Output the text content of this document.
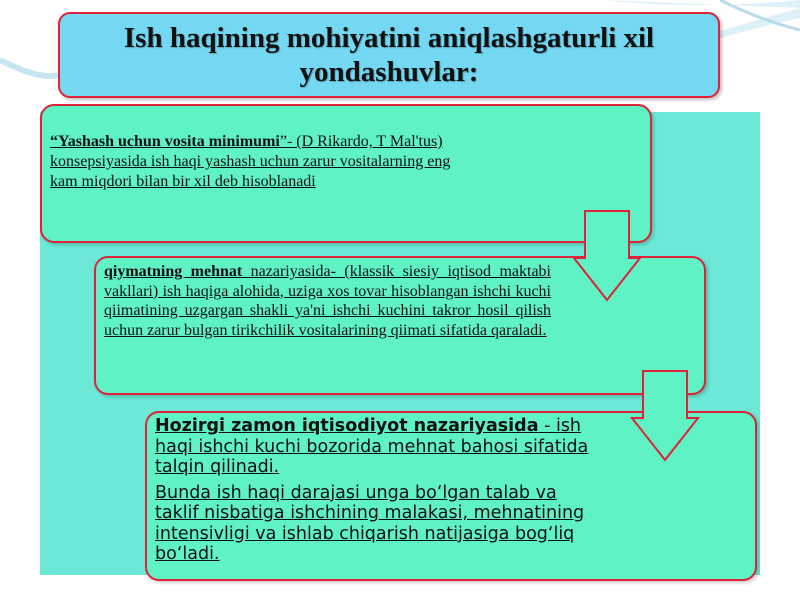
Ish haqining mohiyatini aniqlashgaturli xil yondashuvlar:
“Yashash uchun vosita minimumi”- (D Rikardo, T Mal'tus) konsepsiyasida ish haqi yashash uchun zarur vositalarning eng kam miqdori bilan bir xil deb hisoblanadi
qiymatning mehnat nazariyasida- (klassik siesiy iqtisod maktabi vakllari) ish haqiga alohida, uziga xos tovar hisoblangan ishchi kuchi qiimatining uzgargan shakli ya'ni ishchi kuchini takror hosil qilish uchun zarur bulgan tirikchilik vositalarining qiimati sifatida qaraladi.

Hozirgi zamon iqtisodiyot nazariyasida - ish haqi ishchi kuchi bozorida mehnat bahosi sifatida talqin qilinadi.

Bunda ish haqi darajasi unga bo‘lgan talab va taklif nisbatiga ishchining malakasi, mehnatining intensivligi va ishlab chiqarish natijasiga bog‘liq bo‘ladi.
